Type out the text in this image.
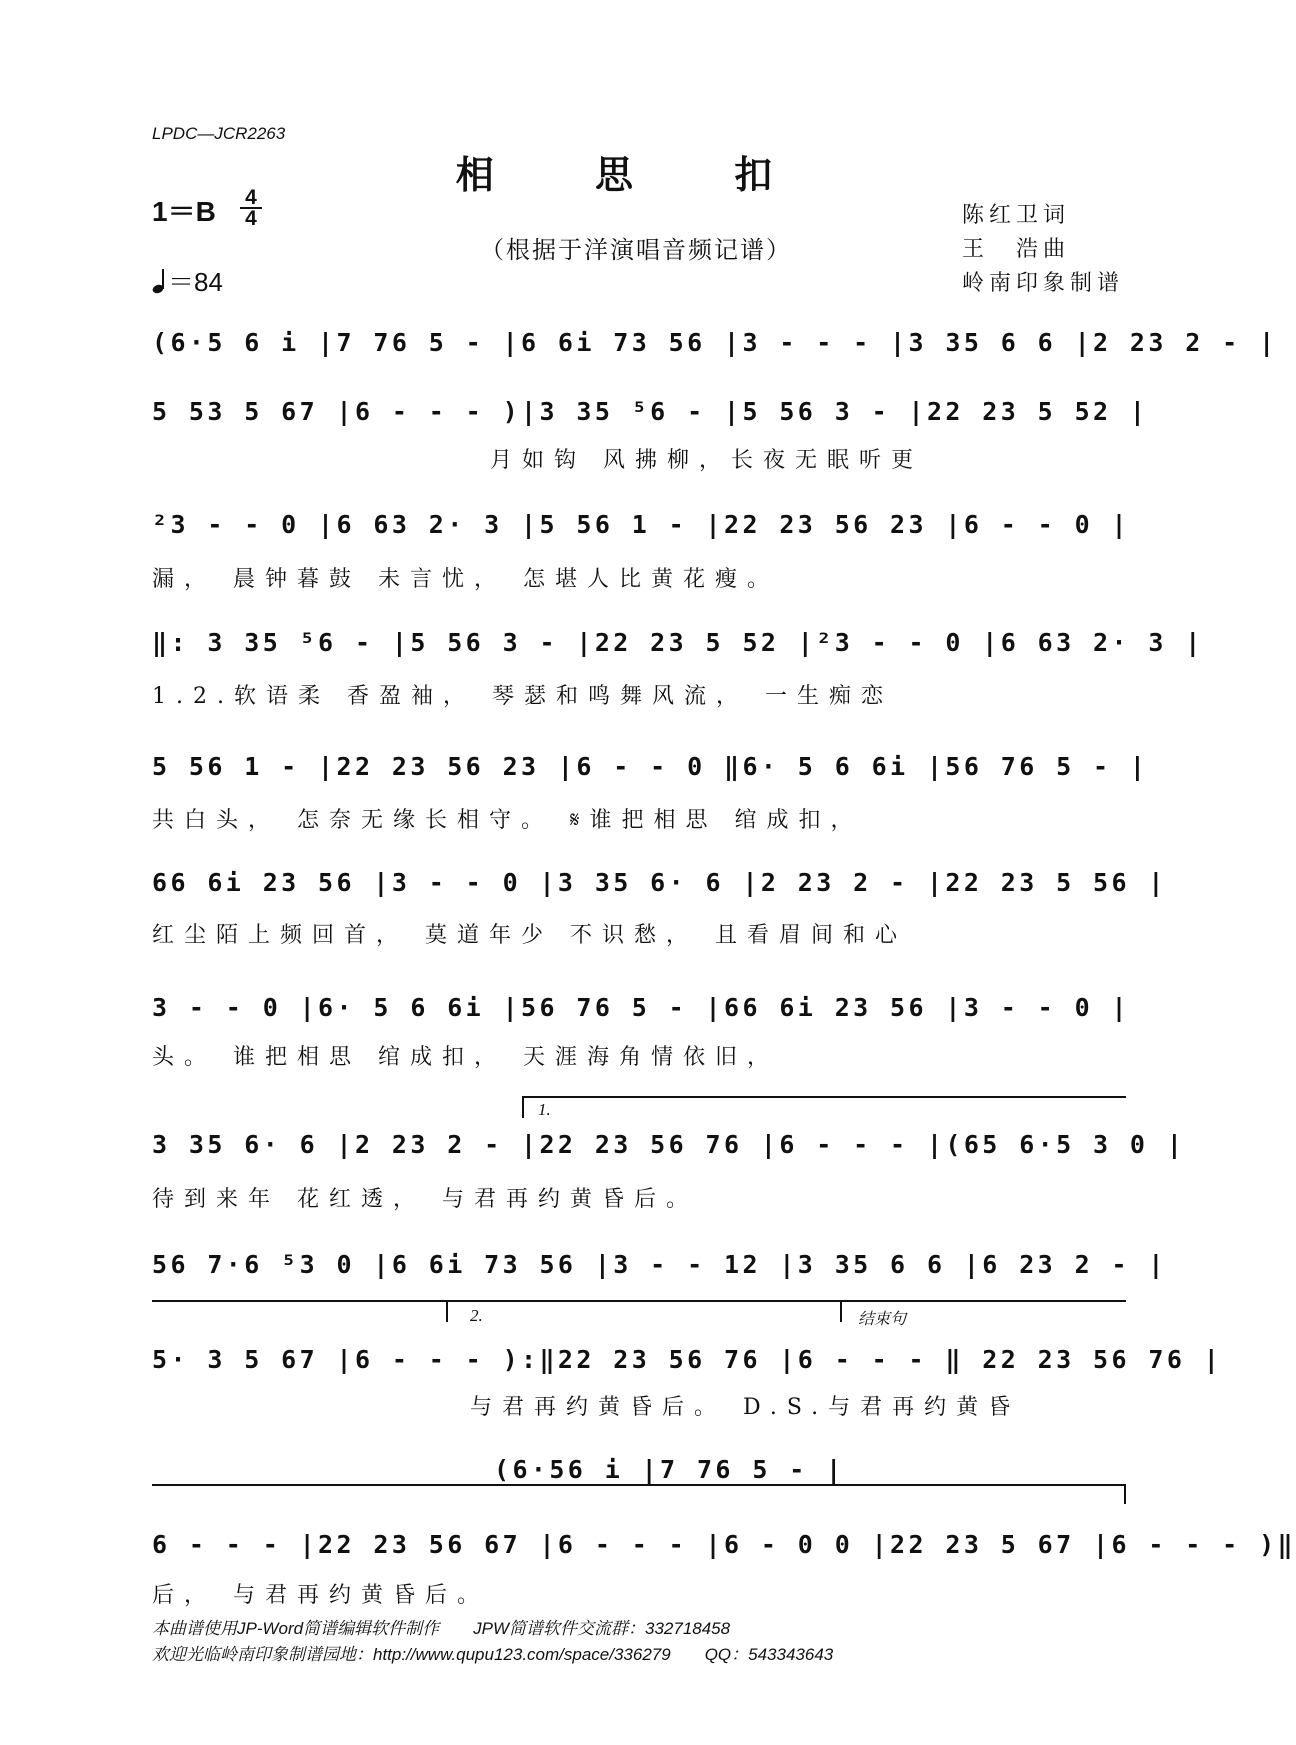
LPDC—JCR2263
相 思 扣
1＝B 4
4
（根据于洋演唱音频记谱）
＝84
陈红卫词
王　浩曲
岭南印象制谱
(6·5 6 i |7 76 5 - |6 6i 73 56 |3 - - - |3 35 6 6 |2 23 2 - |
5 53 5 67 |6 - - - )|3 35 ⁵6 - |5 56 3 - |22 23 5 52 |
月如钩 风拂柳，长夜无眠听更
²3 - - 0 |6 63 2· 3 |5 56 1 - |22 23 56 23 |6 - - 0 |
漏， 晨钟暮鼓 未言忧， 怎堪人比黄花瘦。
‖: 3 35 ⁵6 - |5 56 3 - |22 23 5 52 |²3 - - 0 |6 63 2· 3 |
1.2.软语柔 香盈袖， 琴瑟和鸣舞风流， 一生痴恋
5 56 1 - |22 23 56 23 |6 - - 0 ‖6· 5 6 6i |56 76 5 - |
共白头， 怎奈无缘长相守。 𝄋谁把相思 绾成扣，
66 6i 23 56 |3 - - 0 |3 35 6· 6 |2 23 2 - |22 23 5 56 |
红尘陌上频回首， 莫道年少 不识愁， 且看眉间和心
3 - - 0 |6· 5 6 6i |56 76 5 - |66 6i 23 56 |3 - - 0 |
头。 谁把相思 绾成扣， 天涯海角情依旧，
1.
3 35 6· 6 |2 23 2 - |22 23 56 76 |6 - - - |(65 6·5 3 0 |
待到来年 花红透， 与君再约黄昏后。
56 7·6 ⁵3 0 |6 6i 73 56 |3 - - 12 |3 35 6 6 |6 23 2 - |
2.	结束句
5· 3 5 67 |6 - - - ):‖22 23 56 76 |6 - - - ‖ 22 23 56 76 |
与君再约黄昏后。 D.S.与君再约黄昏
(6·56 i |7 76 5 - |
6 - - - |22 23 56 67 |6 - - - |6 - 0 0 |22 23 5 67 |6 - - - )‖
后， 与君再约黄昏后。
本曲谱使用JP-Word简谱编辑软件制作　　JPW简谱软件交流群：332718458
欢迎光临岭南印象制谱园地：http://www.qupu123.com/space/336279　　QQ：543343643
